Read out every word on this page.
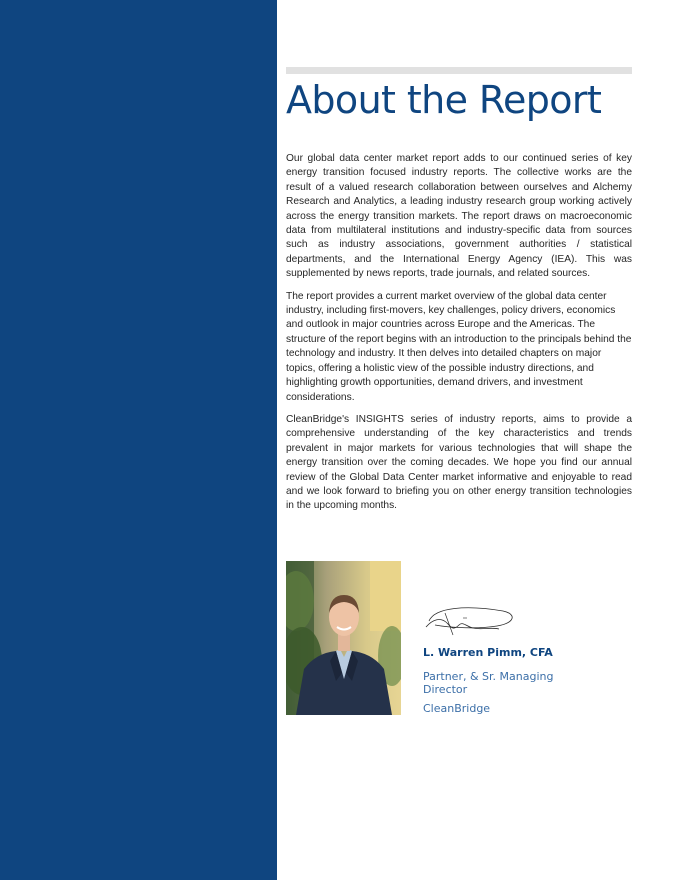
About the Report

Our global data center market report adds to our continued series of key energy transition focused industry reports. The collective works are the result of a valued research collaboration between ourselves and Alchemy Research and Analytics, a leading industry research group working actively across the energy transition markets. The report draws on macroeconomic data from multilateral institutions and industry-specific data from sources such as industry associations, government authorities / statistical departments, and the International Energy Agency (IEA). This was supplemented by news reports, trade journals, and related sources.

The report provides a current market overview of the global data center industry, including first-movers, key challenges, policy drivers, economics and outlook in major countries across Europe and the Americas. The structure of the report begins with an introduction to the principals behind the technology and industry. It then delves into detailed chapters on major topics, offering a holistic view of the possible industry directions, and highlighting growth opportunities, demand drivers, and investment considerations.

CleanBridge's INSIGHTS series of industry reports, aims to provide a comprehensive understanding of the key characteristics and trends prevalent in major markets for various technologies that will shape the energy transition over the coming decades. We hope you find our annual review of the Global Data Center market informative and enjoyable to read and we look forward to briefing you on other energy transition technologies in the upcoming months.

L. Warren Pimm, CFA
Partner, & Sr. Managing Director
CleanBridge
